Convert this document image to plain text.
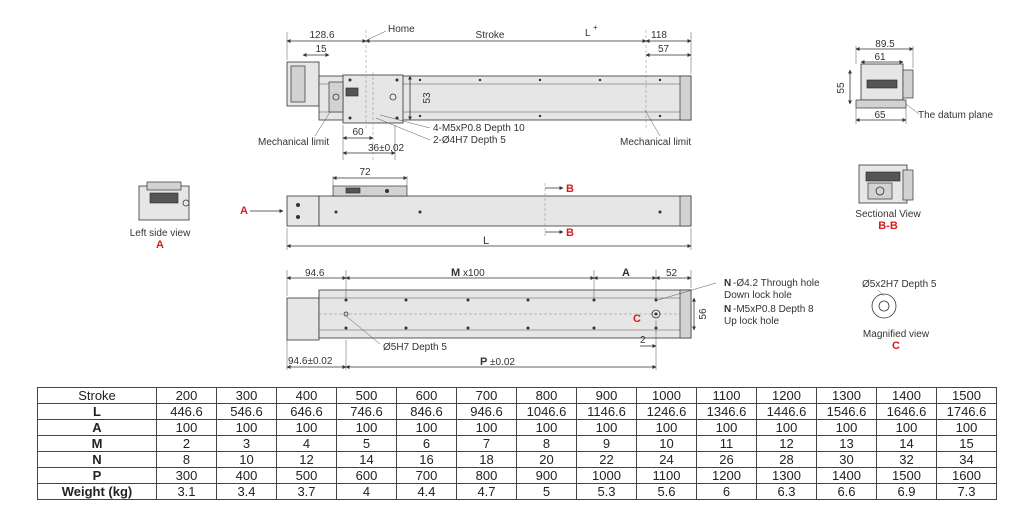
128.6	Stroke
Home	L
+
118
15	57
53
60
36±0.02
Mechanical limit	Mechanical limit
4-M5xP0.8 Depth 10
2-Ø4H7 Depth 5
89.5
61
55
65	The datum plane
Sectional View
B-B
Left side view
A
72
A
B
B
L
C
94.6	M x100	A	52
56
2
Ø5H7 Depth 5
94.6±0.02	P ±0.02
N -Ø4.2 Through hole
Down lock hole
N -M5xP0.8 Depth 8
Up lock hole
Ø5x2H7 Depth 5
Magnified view
C
Stroke	200	300	400	500	600	700	800	900	1000	1100	1200	1300	1400	1500
L	446.6	546.6	646.6	746.6	846.6	946.6	1046.6	1146.6	1246.6	1346.6	1446.6	1546.6	1646.6	1746.6
A	100	100	100	100	100	100	100	100	100	100	100	100	100	100
M	2	3	4	5	6	7	8	9	10	11	12	13	14	15
N	8	10	12	14	16	18	20	22	24	26	28	30	32	34
P	300	400	500	600	700	800	900	1000	1100	1200	1300	1400	1500	1600
Weight (kg)	3.1	3.4	3.7	4	4.4	4.7	5	5.3	5.6	6	6.3	6.6	6.9	7.3
